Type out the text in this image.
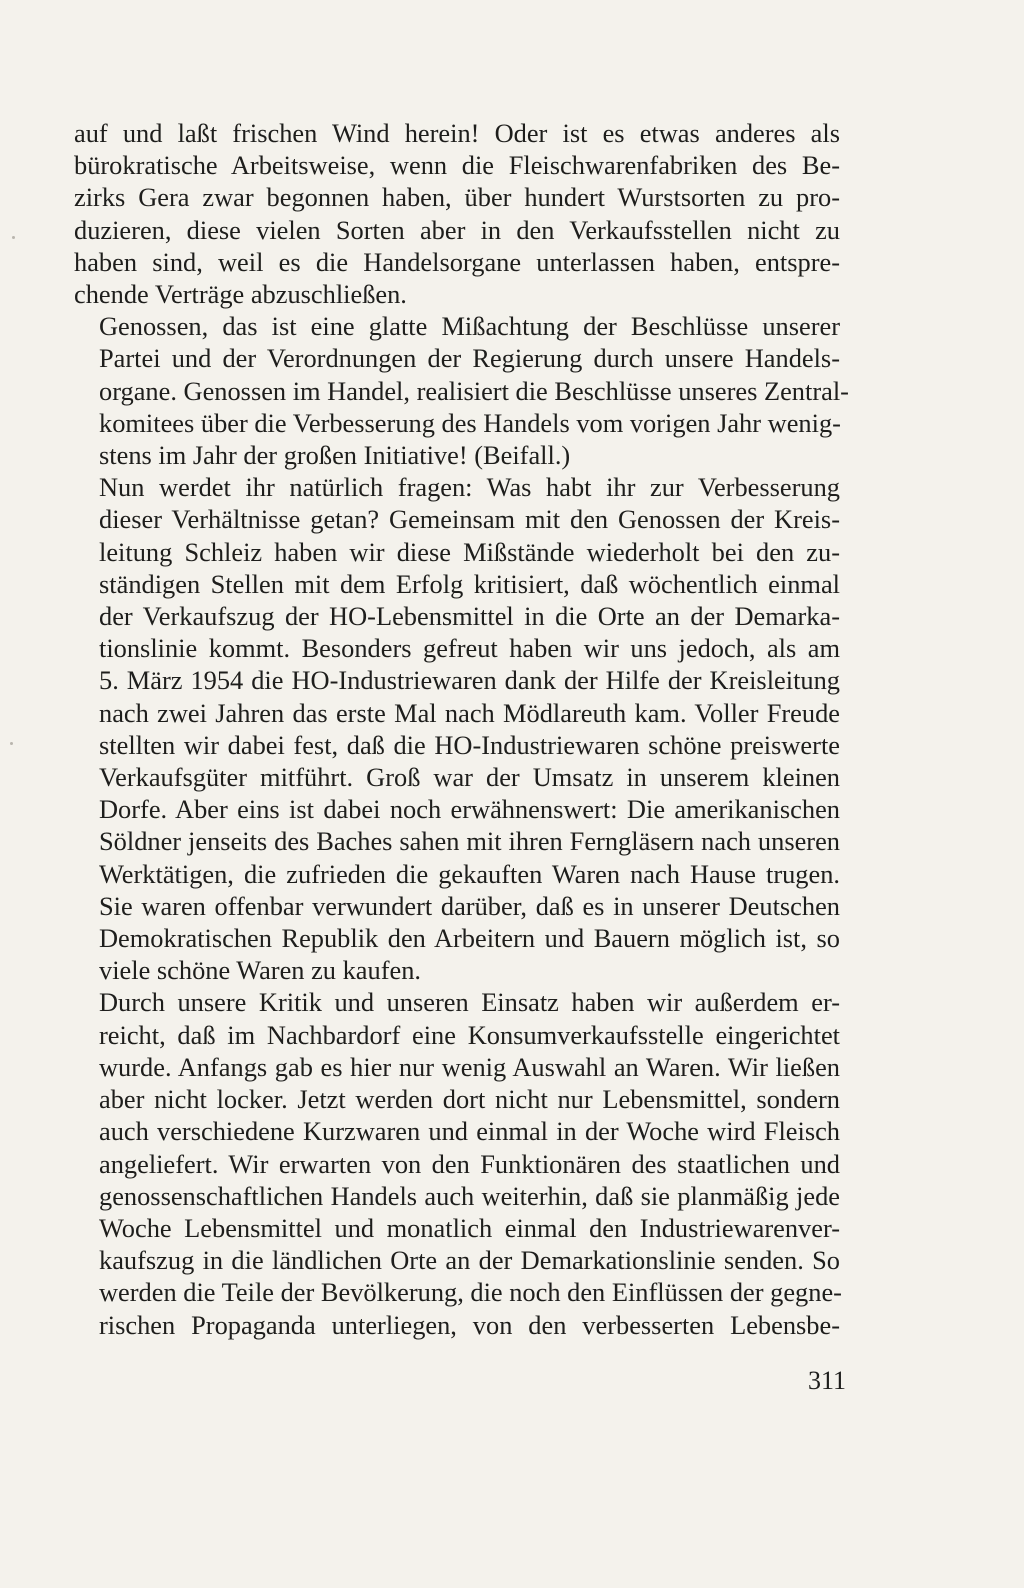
auf und laßt frischen Wind herein! Oder ist es etwas anderes als
bürokratische Arbeitsweise, wenn die Fleischwarenfabriken des Be-
zirks Gera zwar begonnen haben, über hundert Wurstsorten zu pro-
duzieren, diese vielen Sorten aber in den Verkaufsstellen nicht zu
haben sind, weil es die Handelsorgane unterlassen haben, entspre-
chende Verträge abzuschließen.

Genossen, das ist eine glatte Mißachtung der Beschlüsse unserer
Partei und der Verordnungen der Regierung durch unsere Handels-
organe. Genossen im Handel, realisiert die Beschlüsse unseres Zentral-
komitees über die Verbesserung des Handels vom vorigen Jahr wenig-
stens im Jahr der großen Initiative! (Beifall.)

Nun werdet ihr natürlich fragen: Was habt ihr zur Verbesserung
dieser Verhältnisse getan? Gemeinsam mit den Genossen der Kreis-
leitung Schleiz haben wir diese Mißstände wiederholt bei den zu-
ständigen Stellen mit dem Erfolg kritisiert, daß wöchentlich einmal
der Verkaufszug der HO-Lebensmittel in die Orte an der Demarka-
tionslinie kommt. Besonders gefreut haben wir uns jedoch, als am
5. März 1954 die HO-Industriewaren dank der Hilfe der Kreisleitung
nach zwei Jahren das erste Mal nach Mödlareuth kam. Voller Freude
stellten wir dabei fest, daß die HO-Industriewaren schöne preiswerte
Verkaufsgüter mitführt. Groß war der Umsatz in unserem kleinen
Dorfe. Aber eins ist dabei noch erwähnenswert: Die amerikanischen
Söldner jenseits des Baches sahen mit ihren Ferngläsern nach unseren
Werktätigen, die zufrieden die gekauften Waren nach Hause trugen.
Sie waren offenbar verwundert darüber, daß es in unserer Deutschen
Demokratischen Republik den Arbeitern und Bauern möglich ist, so
viele schöne Waren zu kaufen.

Durch unsere Kritik und unseren Einsatz haben wir außerdem er-
reicht, daß im Nachbardorf eine Konsumverkaufsstelle eingerichtet
wurde. Anfangs gab es hier nur wenig Auswahl an Waren. Wir ließen
aber nicht locker. Jetzt werden dort nicht nur Lebensmittel, sondern
auch verschiedene Kurzwaren und einmal in der Woche wird Fleisch
angeliefert. Wir erwarten von den Funktionären des staatlichen und
genossenschaftlichen Handels auch weiterhin, daß sie planmäßig jede
Woche Lebensmittel und monatlich einmal den Industriewarenver-
kaufszug in die ländlichen Orte an der Demarkationslinie senden. So
werden die Teile der Bevölkerung, die noch den Einflüssen der gegne-
rischen Propaganda unterliegen, von den verbesserten Lebensbe-

311
